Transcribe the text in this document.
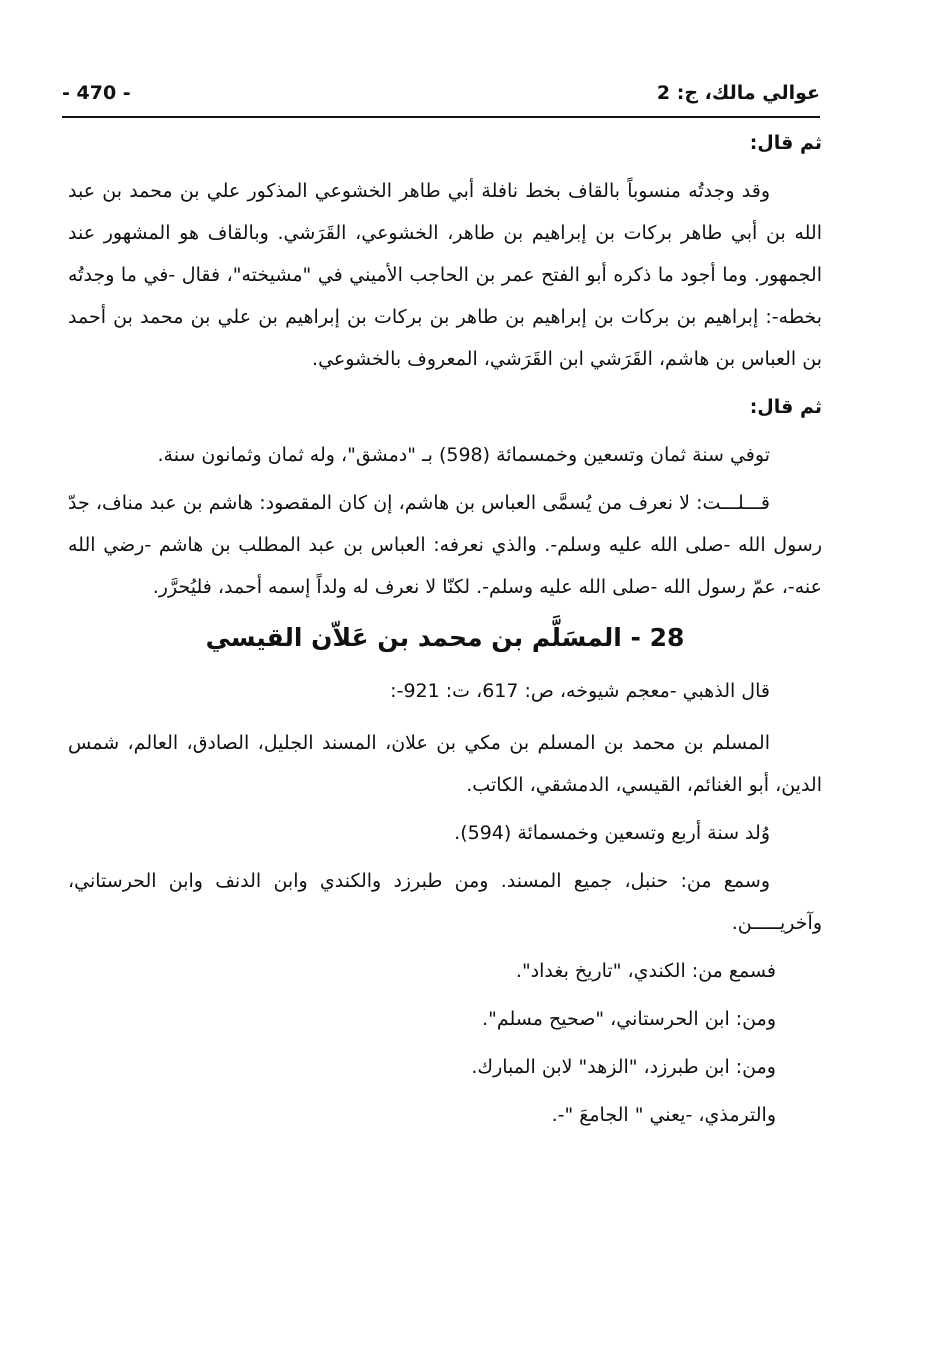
- 470 -	عوالي مالك، ج: 2

ثم قال:

وقد وجدتُه منسوباً بالقاف بخط نافلة أبي طاهر الخشوعي المذكور علي بن محمد بن عبد الله بن أبي طاهر بركات بن إبراهيم بن طاهر، الخشوعي، القَرَشي. وبالقاف هو المشهور عند الجمهور. وما أجود ما ذكره أبو الفتح عمر بن الحاجب الأميني في "مشيخته"، فقال -في ما وجدتُه بخطه-: إبراهيم بن بركات بن إبراهيم بن طاهر بن بركات بن إبراهيم بن علي بن محمد بن أحمد بن العباس بن هاشم، القَرَشي ابن القَرَشي، المعروف بالخشوعي.

ثم قال:

توفي سنة ثمان وتسعين وخمسمائة (598) بـ "دمشق"، وله ثمان وثمانون سنة.

قـــلـــت: لا نعرف من يُسمَّى العباس بن هاشم، إن كان المقصود: هاشم بن عبد مناف، جدّ رسول الله -صلى الله عليه وسلم-. والذي نعرفه: العباس بن عبد المطلب بن هاشم -رضي الله عنه-، عمّ رسول الله -صلى الله عليه وسلم-. لكنّا لا نعرف له ولداً إسمه أحمد، فليُحرَّر.

28 - المسَلَّم بن محمد بن عَلاّن القيسي

قال الذهبي -معجم شيوخه، ص: 617، ت: 921-:

المسلم بن محمد بن المسلم بن مكي بن علان، المسند الجليل، الصادق، العالم، شمس الدين، أبو الغنائم، القيسي، الدمشقي، الكاتب.

وُلد سنة أربع وتسعين وخمسمائة (594).

وسمع من: حنبل، جميع المسند. ومن طبرزد والكندي وابن الدنف وابن الحرستاني، وآخريـــــن.

فسمع من: الكندي، "تاريخ بغداد".

ومن: ابن الحرستاني، "صحيح مسلم".

ومن: ابن طبرزد، "الزهد" لابن المبارك.

والترمذي، -يعني " الجامعَ "-.
